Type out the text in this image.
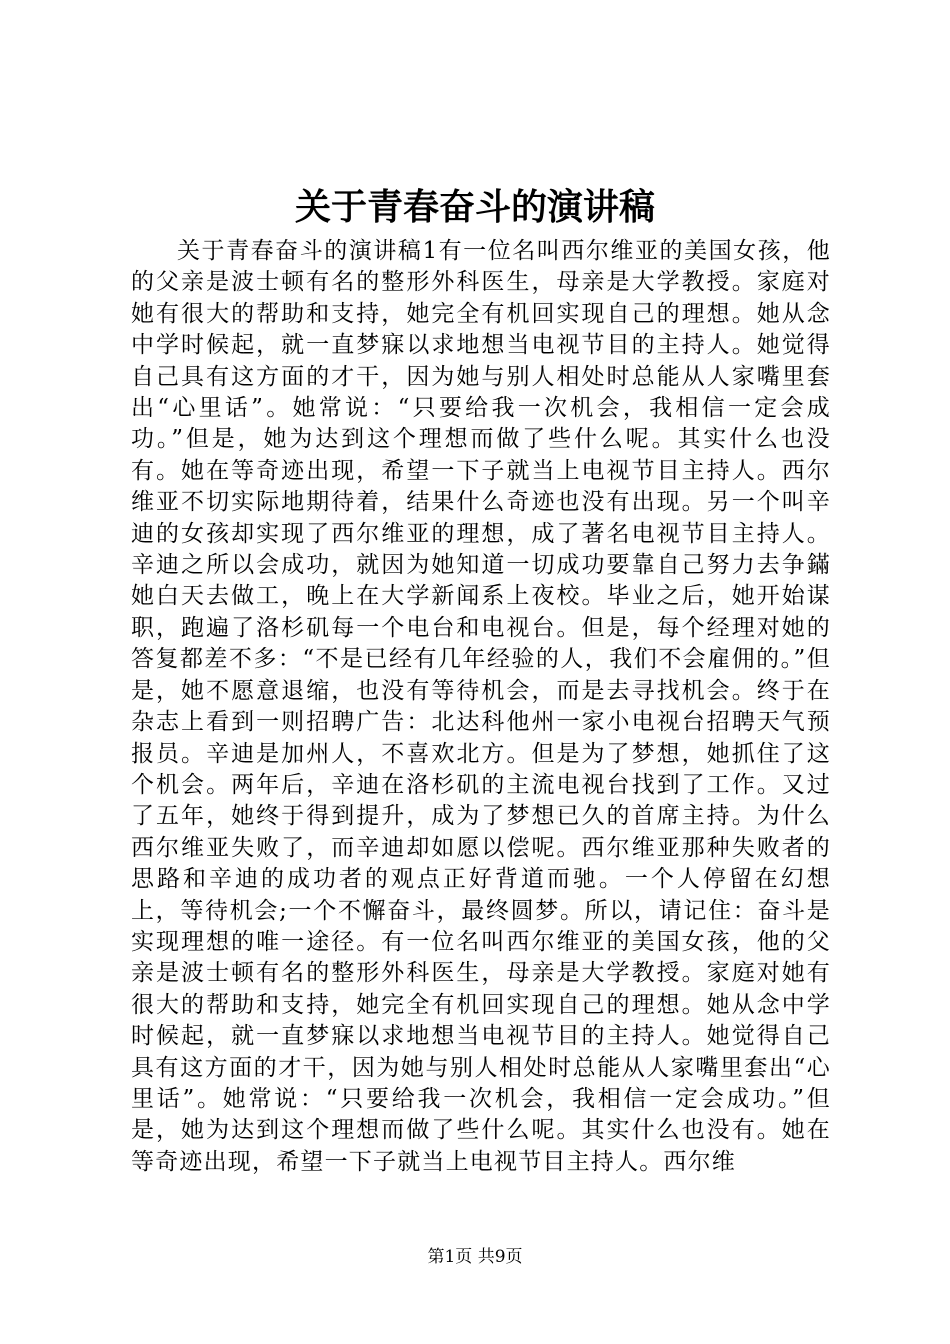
关于青春奋斗的演讲稿

关于青春奋斗的演讲稿1有一位名叫西尔维亚的美国女孩，他的父亲是波士顿有名的整形外科医生，母亲是大学教授。家庭对她有很大的帮助和支持，她完全有机回实现自己的理想。她从念中学时候起，就一直梦寐以求地想当电视节目的主持人。她觉得自己具有这方面的才干，因为她与别人相处时总能从人家嘴里套出“心里话”。她常说：“只要给我一次机会，我相信一定会成功。”但是，她为达到这个理想而做了些什么呢。其实什么也没有。她在等奇迹出现，希望一下子就当上电视节目主持人。西尔维亚不切实际地期待着，结果什么奇迹也没有出现。另一个叫辛迪的女孩却实现了西尔维亚的理想，成了著名电视节目主持人。辛迪之所以会成功，就因为她知道一切成功要靠自己努力去争鏋她白天去做工，晚上在大学新闻系上夜校。毕业之后，她开始谋职，跑遍了洛杉矶每一个电台和电视台。但是，每个经理对她的答复都差不多：“不是已经有几年经验的人，我们不会雇佣的。”但是，她不愿意退缩，也没有等待机会，而是去寻找机会。终于在杂志上看到一则招聘广告：北达科他州一家小电视台招聘天气预报员。辛迪是加州人，不喜欢北方。但是为了梦想，她抓住了这个机会。两年后，辛迪在洛杉矶的主流电视台找到了工作。又过了五年，她终于得到提升，成为了梦想已久的首席主持。为什么西尔维亚失败了，而辛迪却如愿以偿呢。西尔维亚那种失败者的思路和辛迪的成功者的观点正好背道而驰。一个人停留在幻想上，等待机会;一个不懈奋斗，最终圆梦。所以，请记住：奋斗是实现理想的唯一途径。有一位名叫西尔维亚的美国女孩，他的父亲是波士顿有名的整形外科医生，母亲是大学教授。家庭对她有很大的帮助和支持，她完全有机回实现自己的理想。她从念中学时候起，就一直梦寐以求地想当电视节目的主持人。她觉得自己具有这方面的才干，因为她与别人相处时总能从人家嘴里套出“心里话”。她常说：“只要给我一次机会，我相信一定会成功。”但是，她为达到这个理想而做了些什么呢。其实什么也没有。她在等奇迹出现，希望一下子就当上电视节目主持人。西尔维

第1页 共9页
